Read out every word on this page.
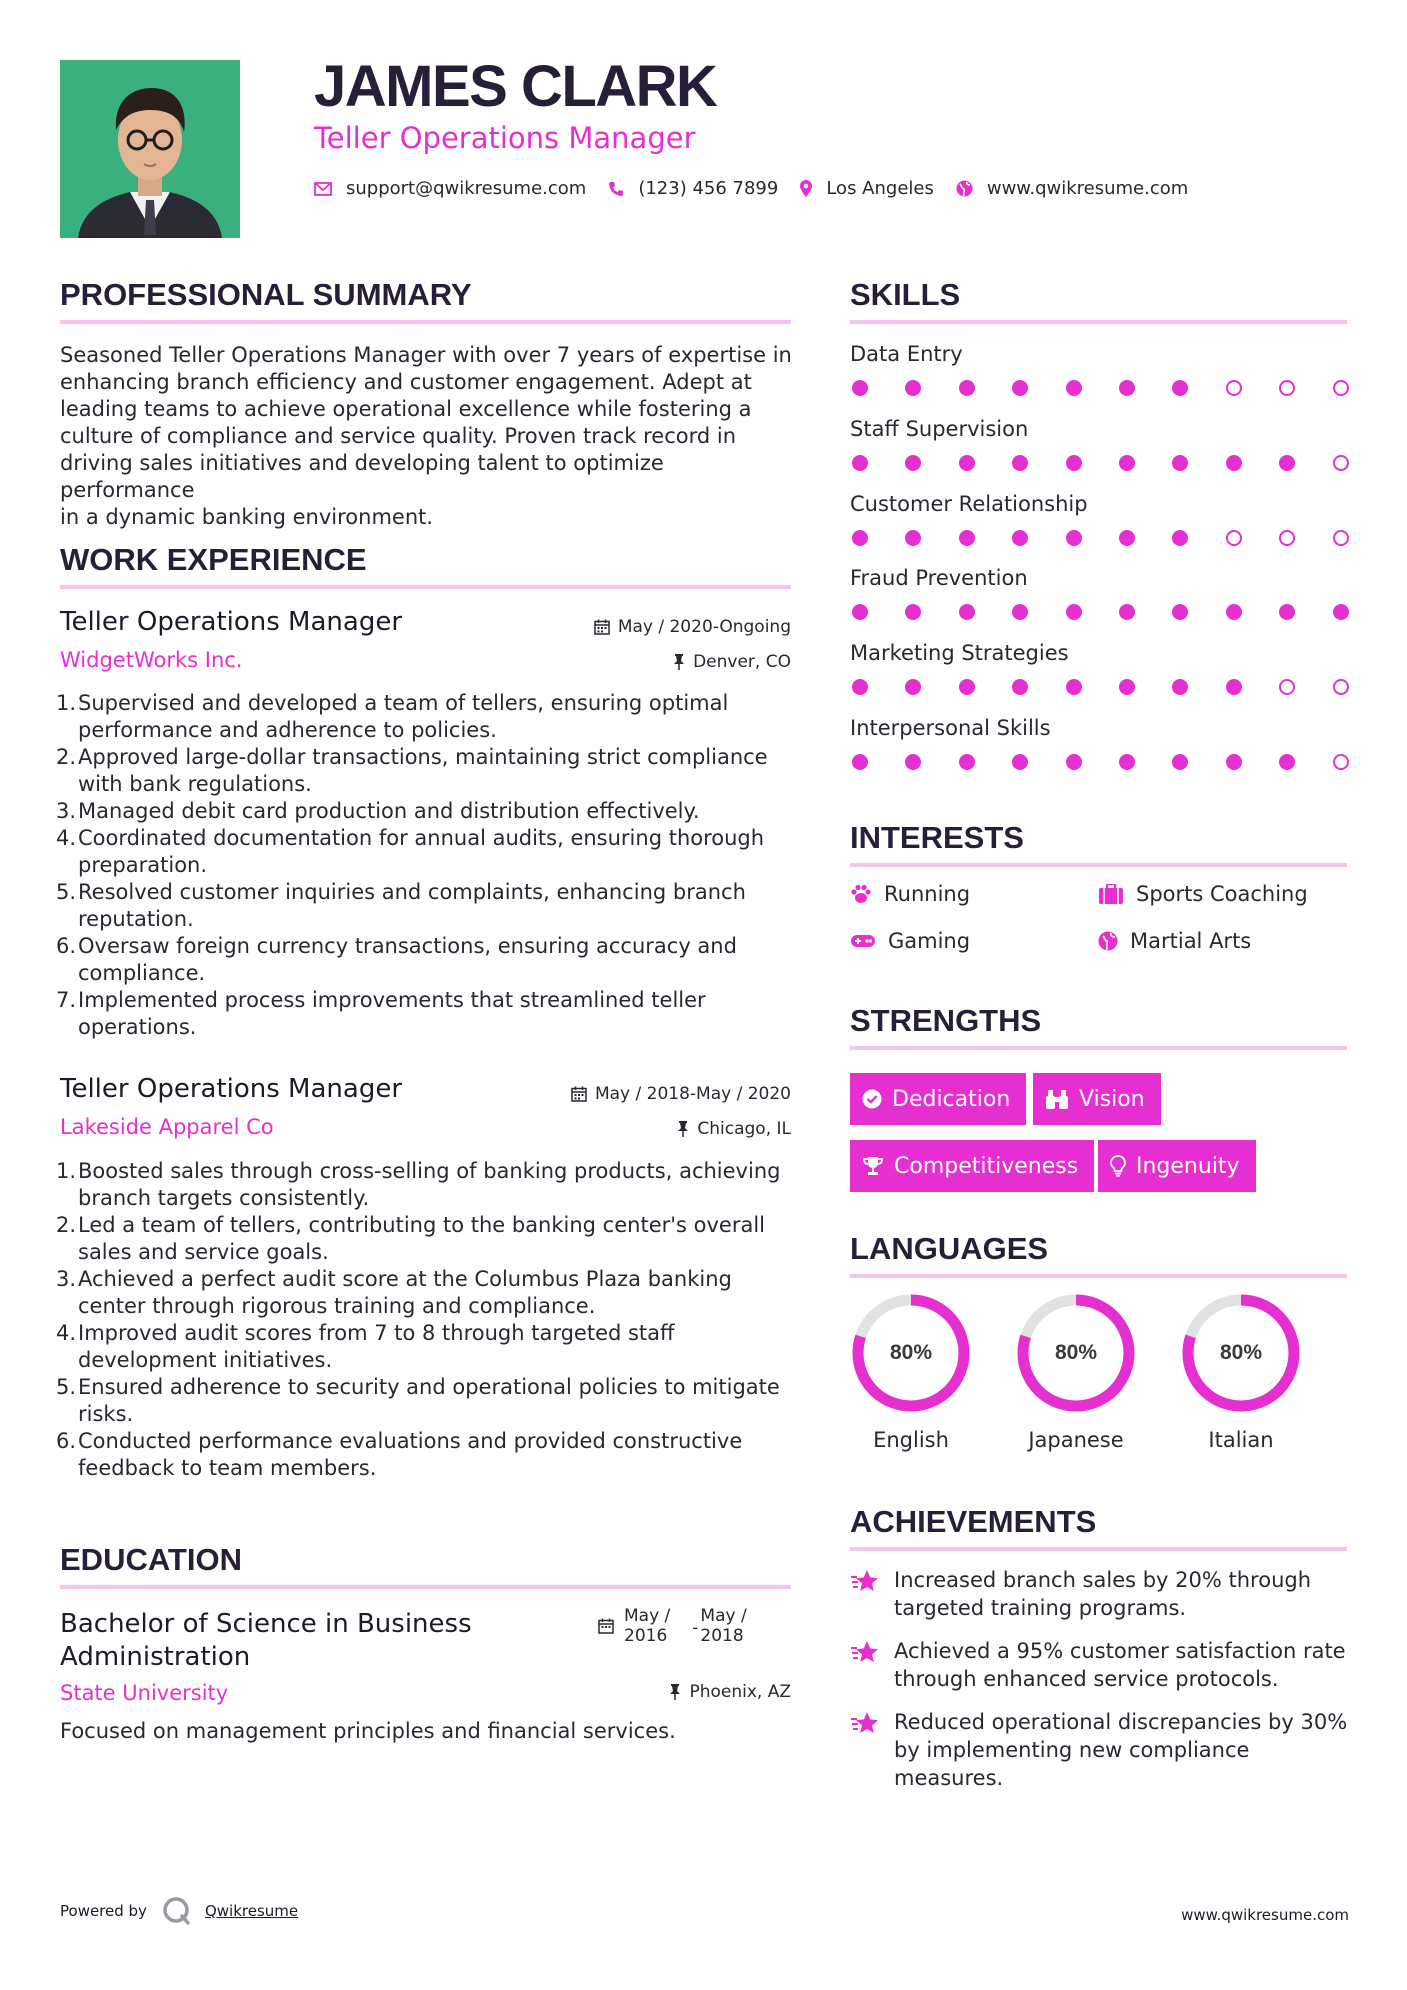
JAMES CLARK
Teller Operations Manager
support@qwikresume.com	(123) 456 7899	Los Angeles	www.qwikresume.com
PROFESSIONAL SUMMARY
Seasoned Teller Operations Manager with over 7 years of expertise in
enhancing branch efficiency and customer engagement. Adept at
leading teams to achieve operational excellence while fostering a
culture of compliance and service quality. Proven track record in
driving sales initiatives and developing talent to optimize performance
in a dynamic banking environment.
WORK EXPERIENCE
Teller Operations Manager
WidgetWorks Inc.
May / 2020-Ongoing
Denver, CO
1. Supervised and developed a team of tellers, ensuring optimal
performance and adherence to policies.
2. Approved large-dollar transactions, maintaining strict compliance
with bank regulations.
3. Managed debit card production and distribution effectively.
4. Coordinated documentation for annual audits, ensuring thorough
preparation.
5. Resolved customer inquiries and complaints, enhancing branch
reputation.
6. Oversaw foreign currency transactions, ensuring accuracy and
compliance.
7. Implemented process improvements that streamlined teller
operations.
Teller Operations Manager
Lakeside Apparel Co
May / 2018-May / 2020
Chicago, IL
1. Boosted sales through cross-selling of banking products, achieving
branch targets consistently.
2. Led a team of tellers, contributing to the banking center's overall
sales and service goals.
3. Achieved a perfect audit score at the Columbus Plaza banking
center through rigorous training and compliance.
4. Improved audit scores from 7 to 8 through targeted staff
development initiatives.
5. Ensured adherence to security and operational policies to mitigate
risks.
6. Conducted performance evaluations and provided constructive
feedback to team members.
EDUCATION
Bachelor of Science in Business
Administration
State University
May /
2016 -
May /
2018
Phoenix, AZ
Focused on management principles and financial services.
SKILLS
Data Entry
Staff Supervision
Customer Relationship
Fraud Prevention
Marketing Strategies
Interpersonal Skills
INTERESTS
Running	Sports Coaching
Gaming	Martial Arts
STRENGTHS
Dedication	Vision
Competitiveness	Ingenuity
LANGUAGES
80%
English
80%
Japanese
80%
Italian
ACHIEVEMENTS
Increased branch sales by 20% through
targeted training programs.
Achieved a 95% customer satisfaction rate
through enhanced service protocols.
Reduced operational discrepancies by 30%
by implementing new compliance
measures.
Powered by	Qwikresume	www.qwikresume.com
